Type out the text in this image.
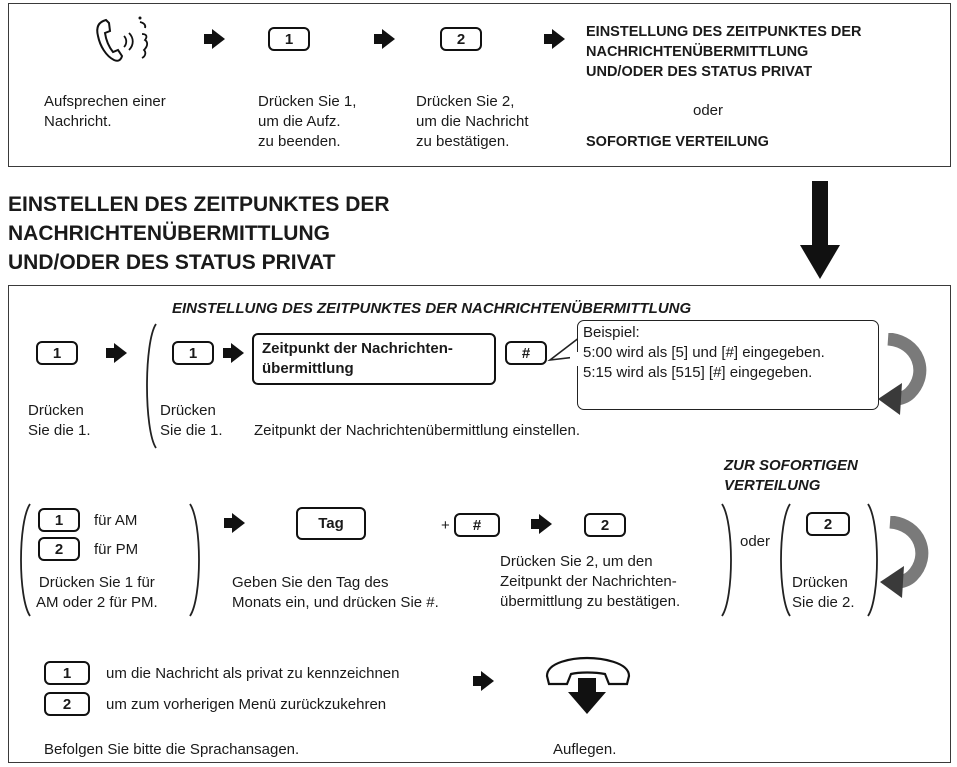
1	2
Aufsprechen einer
Nachricht.
Drücken Sie 1,
um die Aufz.
zu beenden.
Drücken Sie 2,
um die Nachricht
zu bestätigen.
EINSTELLUNG DES ZEITPUNKTES DER
NACHRICHTENÜBERMITTLUNG
UND/ODER DES STATUS PRIVAT
oder
SOFORTIGE VERTEILUNG
EINSTELLEN DES ZEITPUNKTES DER
NACHRICHTENÜBERMITTLUNG
UND/ODER DES STATUS PRIVAT
EINSTELLUNG DES ZEITPUNKTES DER NACHRICHTENÜBERMITTLUNG
1	1	Zeitpunkt der Nachrichten-
übermittlung
#
Beispiel:
5:00 wird als [5] und [#] eingegeben.
5:15 wird als [515] [#] eingegeben.
Drücken
Sie die 1.
Drücken
Sie die 1. Zeitpunkt der Nachrichtenübermittlung einstellen.
ZUR SOFORTIGEN
VERTEILUNG
1	für AM
2	für PM
Drücken Sie 1 für
AM oder 2 für PM.
Tag	+	#
Geben Sie den Tag des
Monats ein, und drücken Sie #.
2
Drücken Sie 2, um den
Zeitpunkt der Nachrichten-
übermittlung zu bestätigen.
oder
2
Drücken
Sie die 2.
1	um die Nachricht als privat zu kennzeichnen
2	um zum vorherigen Menü zurückzukehren
Befolgen Sie bitte die Sprachansagen.	Auflegen.
